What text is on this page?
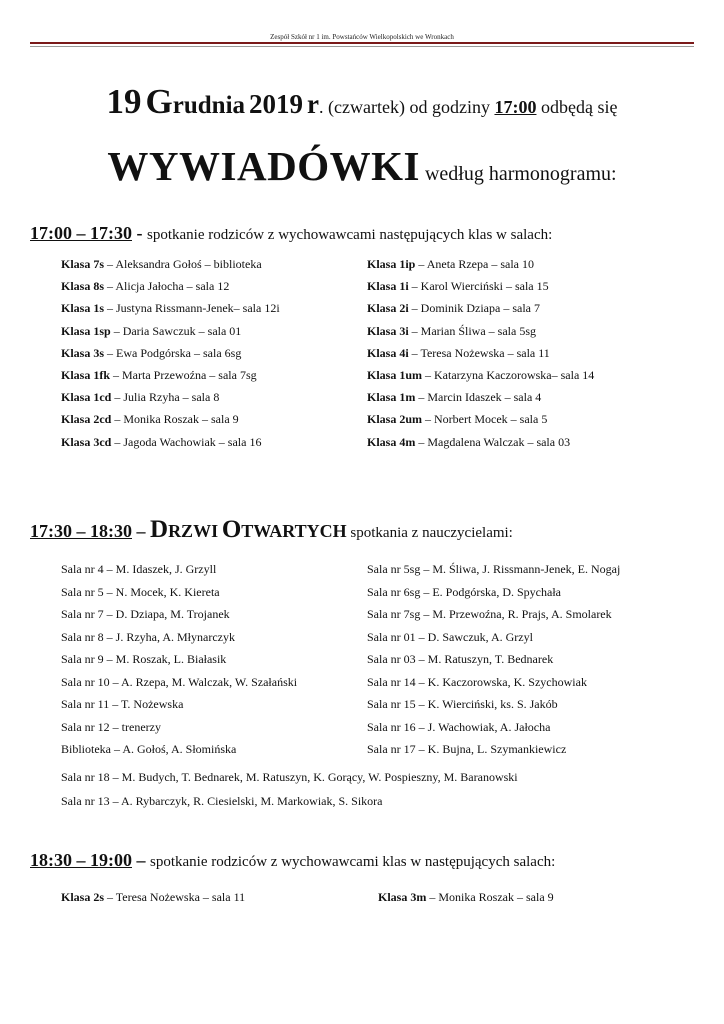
Zespół Szkół nr 1 im. Powstańców Wielkopolskich we Wronkach
19 Grudnia 2019 r. (czwartek) od godziny 17:00 odbędą się
WYWIADÓWKI według harmonogramu:
17:00 – 17:30 - spotkanie rodziców z wychowawcami następujących klas w salach:
Klasa 7s – Aleksandra Gołoś – biblioteka
Klasa 8s – Alicja Jałocha – sala 12
Klasa 1s – Justyna Rissmann-Jenek– sala 12i
Klasa 1sp – Daria Sawczuk – sala 01
Klasa 3s – Ewa Podgórska – sala 6sg
Klasa 1fk – Marta Przewoźna – sala 7sg
Klasa 1cd – Julia Rzyha – sala 8
Klasa 2cd – Monika Roszak – sala 9
Klasa 3cd – Jagoda Wachowiak – sala 16
Klasa 1ip – Aneta Rzepa – sala 10
Klasa 1i – Karol Wierciński – sala 15
Klasa 2i – Dominik Dziapa – sala 7
Klasa 3i – Marian Śliwa – sala 5sg
Klasa 4i – Teresa Nożewska – sala 11
Klasa 1um – Katarzyna Kaczorowska– sala 14
Klasa 1m – Marcin Idaszek – sala 4
Klasa 2um – Norbert Mocek – sala 5
Klasa 4m – Magdalena Walczak – sala 03
17:30 – 18:30 – DRZWI OTWARTYCH spotkania z nauczycielami:
Sala nr 4 – M. Idaszek, J. Grzyll
Sala nr 5 – N. Mocek, K. Kiereta
Sala nr 7 – D. Dziapa, M. Trojanek
Sala nr 8 – J. Rzyha, A. Młynarczyk
Sala nr 9 – M. Roszak, L. Białasik
Sala nr 10 – A. Rzepa, M. Walczak, W. Szałański
Sala nr 11 – T. Nożewska
Sala nr 12 – trenerzy
Biblioteka – A. Gołoś, A. Słomińska
Sala nr 5sg – M. Śliwa, J. Rissmann-Jenek, E. Nogaj
Sala nr 6sg – E. Podgórska, D. Spychała
Sala nr 7sg – M. Przewoźna, R. Prajs, A. Smolarek
Sala nr 01 – D. Sawczuk, A. Grzyl
Sala nr 03 – M. Ratuszyn, T. Bednarek
Sala nr 14 – K. Kaczorowska, K. Szychowiak
Sala nr 15 – K. Wierciński, ks. S. Jakób
Sala nr 16 – J. Wachowiak, A. Jałocha
Sala nr 17 – K. Bujna, L. Szymankiewicz
Sala nr 18 – M. Budych, T. Bednarek, M. Ratuszyn, K. Gorący, W. Pospieszny, M. Baranowski
Sala nr 13 – A. Rybarczyk, R. Ciesielski, M. Markowiak, S. Sikora
18:30 – 19:00 – spotkanie rodziców z wychowawcami klas w następujących salach:
Klasa 2s – Teresa Nożewska – sala 11	Klasa 3m – Monika Roszak – sala 9
